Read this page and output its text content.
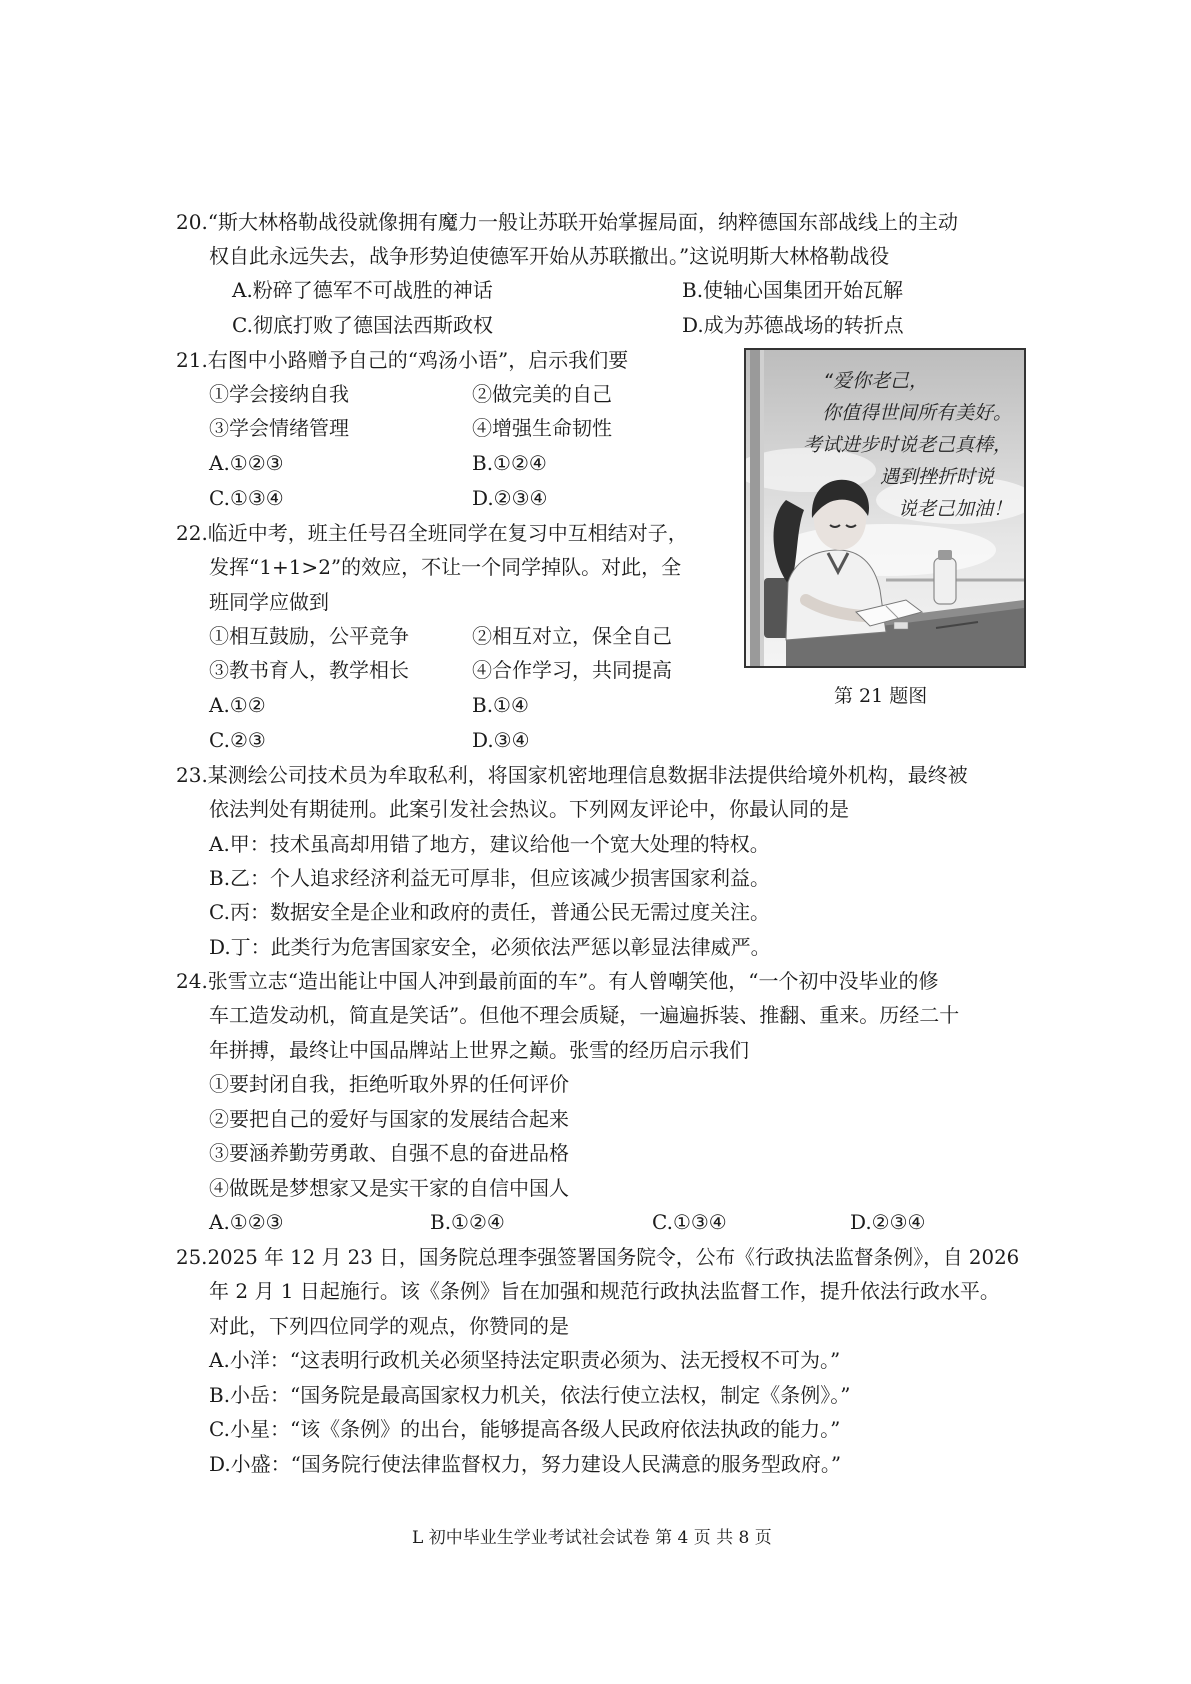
20.“斯大林格勒战役就像拥有魔力一般让苏联开始掌握局面，纳粹德国东部战线上的主动
权自此永远失去，战争形势迫使德军开始从苏联撤出。”这说明斯大林格勒战役
A.粉碎了德军不可战胜的神话	B.使轴心国集团开始瓦解
C.彻底打败了德国法西斯政权	D.成为苏德战场的转折点
21.右图中小路赠予自己的“鸡汤小语”，启示我们要
①学会接纳自我	②做完美的自己
③学会情绪管理	④增强生命韧性
A.①②③	B.①②④
C.①③④	D.②③④
“爱你老己，
你值得世间所有美好。
考试进步时说老己真棒，
遇到挫折时说
说老己加油！
第 21 题图
22.临近中考，班主任号召全班同学在复习中互相结对子，
发挥“1+1>2”的效应，不让一个同学掉队。对此，全
班同学应做到
①相互鼓励，公平竞争	②相互对立，保全自己
③教书育人，教学相长	④合作学习，共同提高
A.①②	B.①④
C.②③	D.③④
23.某测绘公司技术员为牟取私利，将国家机密地理信息数据非法提供给境外机构，最终被
依法判处有期徒刑。此案引发社会热议。下列网友评论中，你最认同的是
A.甲：技术虽高却用错了地方，建议给他一个宽大处理的特权。
B.乙：个人追求经济利益无可厚非，但应该减少损害国家利益。
C.丙：数据安全是企业和政府的责任，普通公民无需过度关注。
D.丁：此类行为危害国家安全，必须依法严惩以彰显法律威严。
24.张雪立志“造出能让中国人冲到最前面的车”。有人曾嘲笑他，“一个初中没毕业的修
车工造发动机，简直是笑话”。但他不理会质疑，一遍遍拆装、推翻、重来。历经二十
年拼搏，最终让中国品牌站上世界之巅。张雪的经历启示我们
①要封闭自我，拒绝听取外界的任何评价
②要把自己的爱好与国家的发展结合起来
③要涵养勤劳勇敢、自强不息的奋进品格
④做既是梦想家又是实干家的自信中国人
A.①②③	B.①②④	C.①③④	D.②③④
25.2025 年 12 月 23 日，国务院总理李强签署国务院令，公布《行政执法监督条例》，自 2026
年 2 月 1 日起施行。该《条例》旨在加强和规范行政执法监督工作，提升依法行政水平。
对此，下列四位同学的观点，你赞同的是
A.小洋：“这表明行政机关必须坚持法定职责必须为、法无授权不可为。”
B.小岳：“国务院是最高国家权力机关，依法行使立法权，制定《条例》。”
C.小星：“该《条例》的出台，能够提高各级人民政府依法执政的能力。”
D.小盛：“国务院行使法律监督权力，努力建设人民满意的服务型政府。”
L 初中毕业生学业考试社会试卷 第 4 页 共 8 页
